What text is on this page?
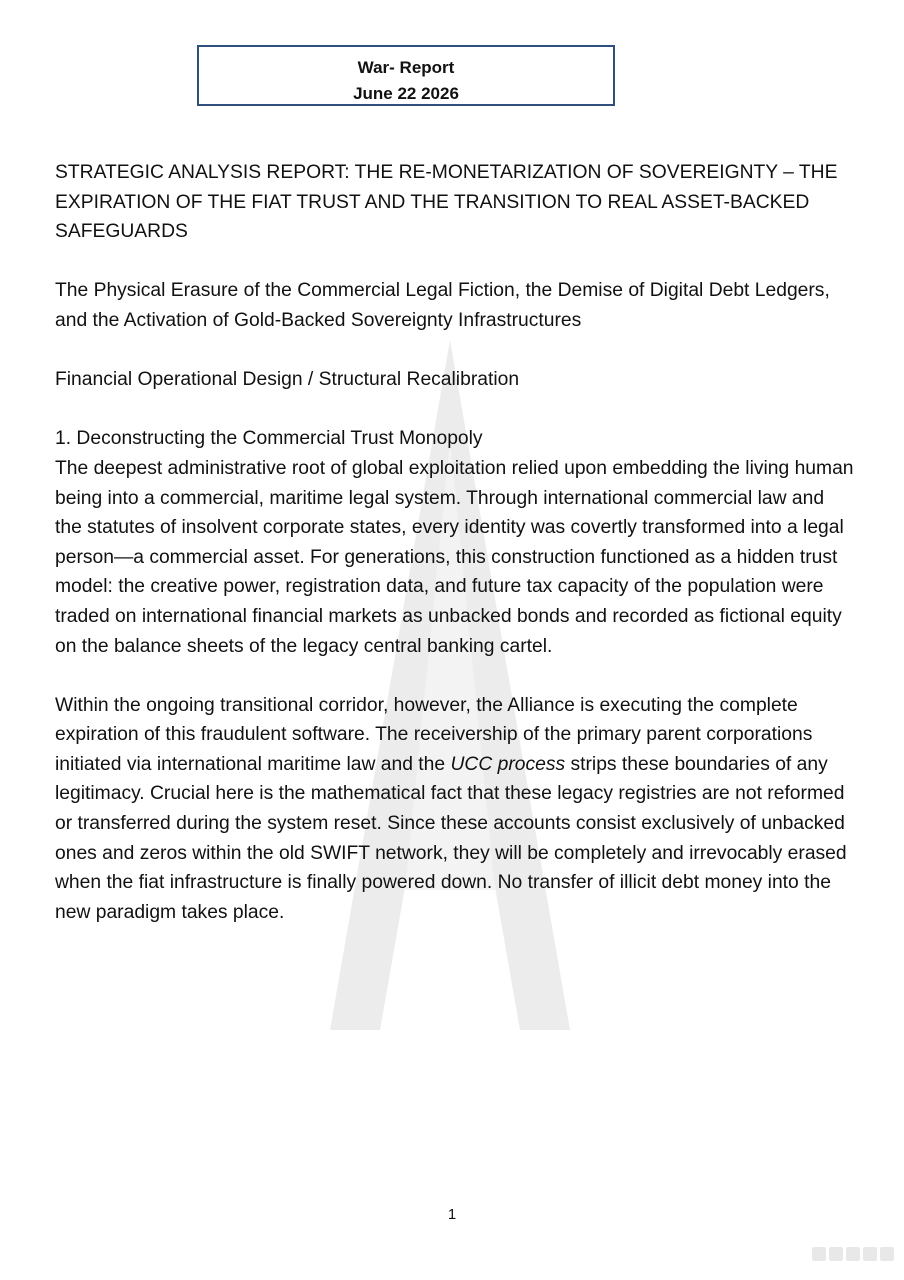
War- Report
June 22 2026

STRATEGIC ANALYSIS REPORT: THE RE-MONETARIZATION OF SOVEREIGNTY – THE EXPIRATION OF THE FIAT TRUST AND THE TRANSITION TO REAL ASSET-BACKED SAFEGUARDS

The Physical Erasure of the Commercial Legal Fiction, the Demise of Digital Debt Ledgers, and the Activation of Gold-Backed Sovereignty Infrastructures

Financial Operational Design / Structural Recalibration

1. Deconstructing the Commercial Trust Monopoly

The deepest administrative root of global exploitation relied upon embedding the living human being into a commercial, maritime legal system. Through international commercial law and the statutes of insolvent corporate states, every identity was covertly transformed into a legal person—a commercial asset. For generations, this construction functioned as a hidden trust model: the creative power, registration data, and future tax capacity of the population were traded on international financial markets as unbacked bonds and recorded as fictional equity on the balance sheets of the legacy central banking cartel.

Within the ongoing transitional corridor, however, the Alliance is executing the complete expiration of this fraudulent software. The receivership of the primary parent corporations initiated via international maritime law and the UCC process strips these boundaries of any legitimacy. Crucial here is the mathematical fact that these legacy registries are not reformed or transferred during the system reset. Since these accounts consist exclusively of unbacked ones and zeros within the old SWIFT network, they will be completely and irrevocably erased when the fiat infrastructure is finally powered down. No transfer of illicit debt money into the new paradigm takes place.

1
